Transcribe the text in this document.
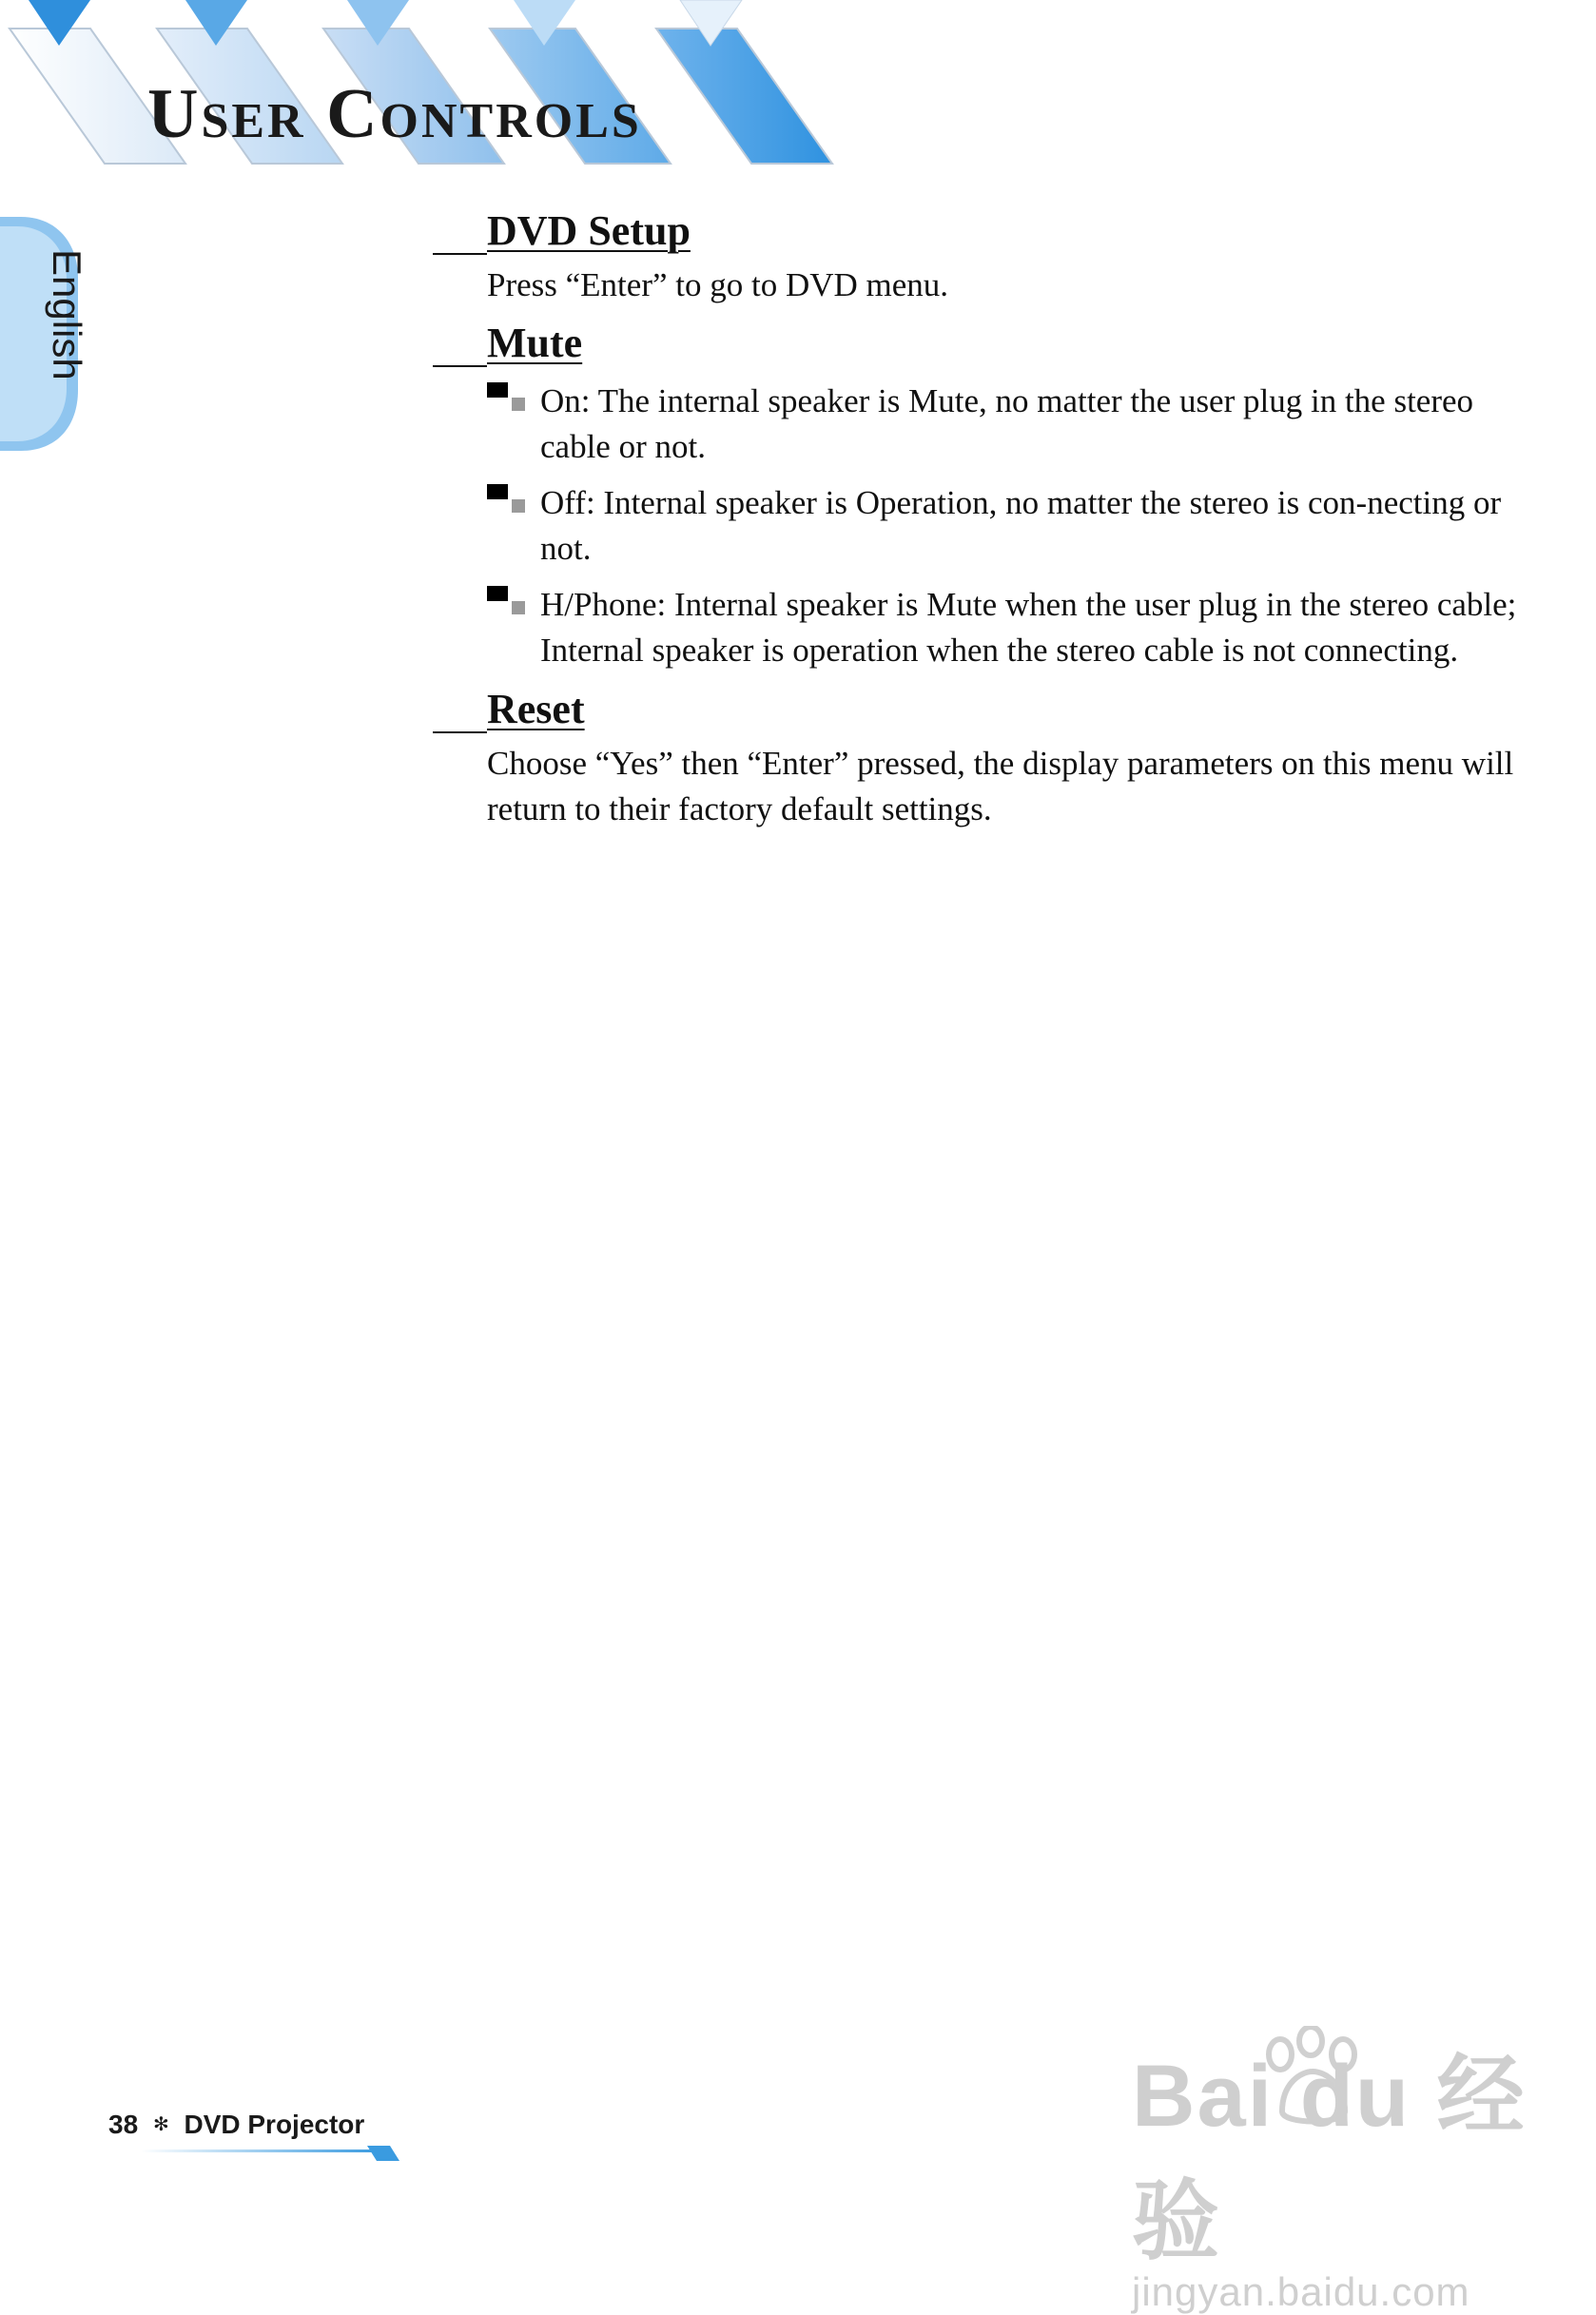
User Controls
English
DVD Setup
Press “Enter” to go to DVD menu.
Mute
On: The internal speaker is Mute, no matter the user plug in the stereo cable or not.
Off: Internal speaker is Operation, no matter the stereo is con-necting or not.
H/Phone: Internal speaker is Mute when the user plug in the stereo cable; Internal speaker is operation when the stereo cable is not connecting.
Reset
Choose “Yes” then “Enter” pressed, the display parameters on this menu will return to their factory default settings.
38 ✻ DVD Projector	Bai du 经验
jingyan.baidu.com
